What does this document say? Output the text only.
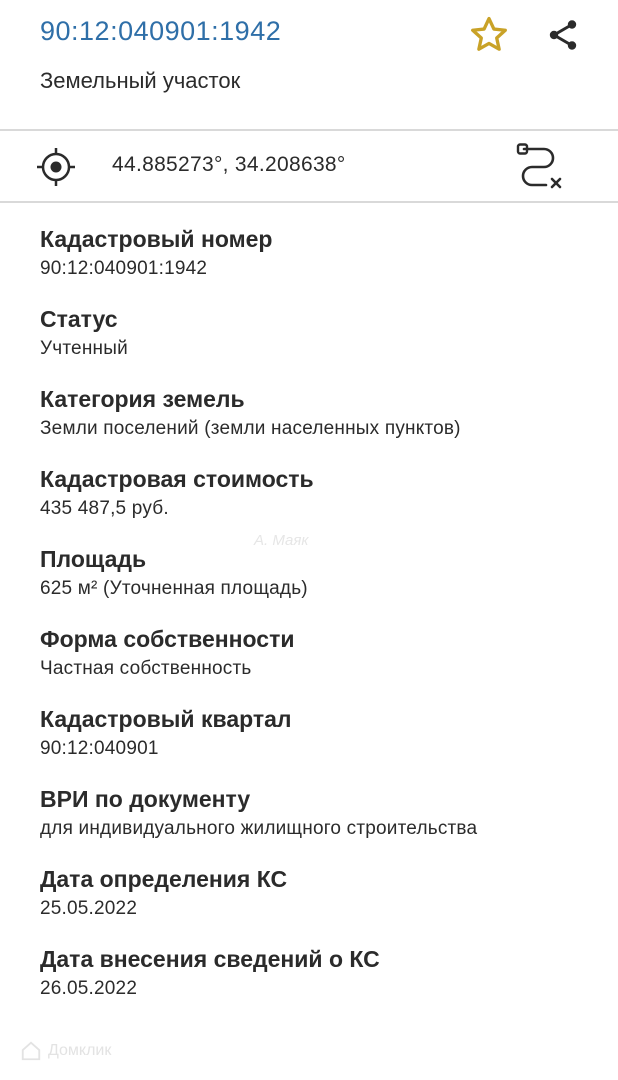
90:12:040901:1942
Земельный участок
44.885273°, 34.208638°
Кадастровый номер
90:12:040901:1942
Статус
Учтенный
Категория земель
Земли поселений (земли населенных пунктов)
Кадастровая стоимость
435 487,5 руб.
Площадь
625 м² (Уточненная площадь)
Форма собственности
Частная собственность
Кадастровый квартал
90:12:040901
ВРИ по документу
для индивидуального жилищного строительства
Дата определения КС
25.05.2022
Дата внесения сведений о КС
26.05.2022
А. Маяк
Домклик
